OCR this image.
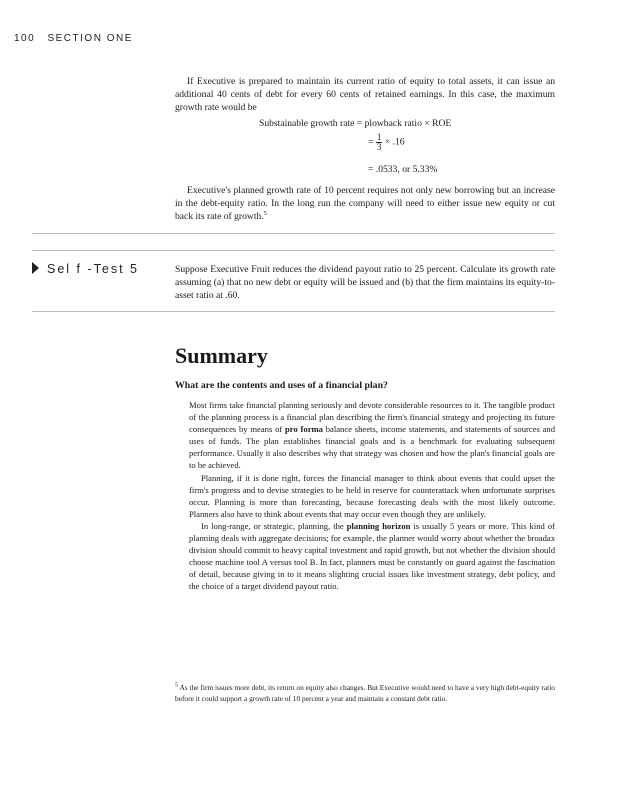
100 SECTION ONE

If Executive is prepared to maintain its current ratio of equity to total assets, it can issue an additional 40 cents of debt for every 60 cents of retained earnings. In this case, the maximum growth rate would be

Substainable growth rate = plowback ratio × ROE
= $\frac{1}{3} \times .16$
= .0533, or 5.33%

Executive's planned growth rate of 10 percent requires not only new borrowing but an increase in the debt-equity ratio. In the long run the company will need to either issue new equity or cut back its rate of growth.$^5$

Sel f -Test 5	Suppose Executive Fruit reduces the dividend payout ratio to 25 percent. Calculate its growth rate assuming (a) that no new debt or equity will be issued and (b) that the firm maintains its equity-to-asset ratio at .60.

Summary
What are the contents and uses of a financial plan?

Most firms take financial planning seriously and devote considerable resources to it. The tangible product of the planning process is a financial plan describing the firm's financial strategy and projecting its future consequences by means of pro forma balance sheets, income statements, and statements of sources and uses of funds. The plan establishes financial goals and is a benchmark for evaluating subsequent performance. Usually it also describes why that strategy was chosen and how the plan's financial goals are to be achieved.

Planning, if it is done right, forces the financial manager to think about events that could upset the firm's progress and to devise strategies to be held in reserve for counterattack when unfortunate surprises occur. Planning is more than forecasting, because forecasting deals with the most likely outcome. Planners also have to think about events that may occur even though they are unlikely.

In long-range, or strategic, planning, the planning horizon is usually 5 years or more. This kind of planning deals with aggregate decisions; for example, the planner would worry about whether the broadax division should commit to heavy capital investment and rapid growth, but not whether the division should choose machine tool A versus tool B. In fact, planners must be constantly on guard against the fascination of detail, because giving in to it means slighting crucial issues like investment strategy, debt policy, and the choice of a target dividend payout ratio.

$^5$ As the firm issues more debt, its return on equity also changes. But Executive would need to have a very high debt-equity ratio before it could support a growth rate of 10 percent a year and maintain a constant debt ratio.
